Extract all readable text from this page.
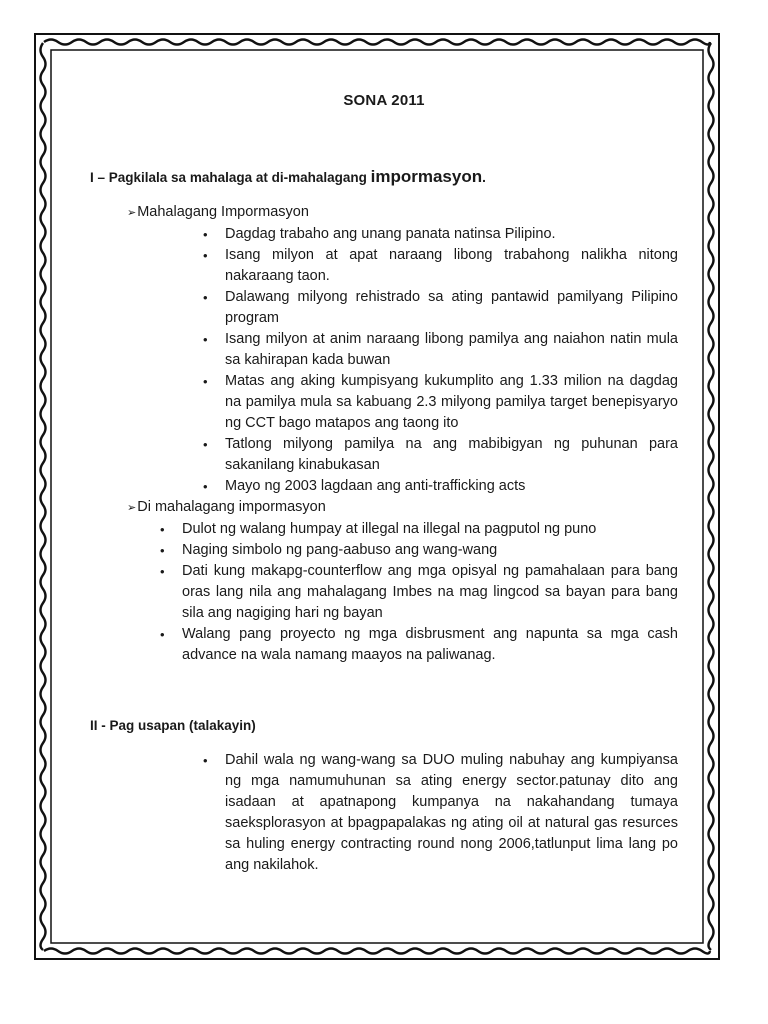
SONA 2011
I – Pagkilala sa mahalaga at di-mahalagang impormasyon.
➢Mahalagang Impormasyon
• Dagdag trabaho ang unang panata natinsa Pilipino.
• Isang milyon at apat naraang libong trabahong nalikha nitong nakaraang taon.
• Dalawang milyong rehistrado sa ating pantawid pamilyang Pilipino program
• Isang milyon at anim naraang libong pamilya ang naiahon natin mula sa kahirapan kada buwan
• Matas ang aking kumpisyang kukumplito ang 1.33 milion na dagdag na pamilya mula sa kabuang 2.3 milyong pamilya target benepisyaryo ng CCT bago matapos ang taong ito
• Tatlong milyong pamilya na ang mabibigyan ng puhunan para sakanilang kinabukasan
• Mayo ng 2003 lagdaan ang anti-trafficking acts
➢Di mahalagang impormasyon
• Dulot ng walang humpay at illegal na illegal na pagputol ng puno
• Naging simbolo ng pang-aabuso ang wang-wang
• Dati kung makapg-counterflow ang mga opisyal ng pamahalaan para bang oras lang nila ang mahalagang Imbes na mag lingcod sa bayan para bang sila ang nagiging hari ng bayan
• Walang pang proyecto ng mga disbrusment ang napunta sa mga cash advance na wala namang maayos na paliwanag.
II - Pag usapan (talakayin)
• Dahil wala ng wang-wang sa DUO muling nabuhay ang kumpiyansa ng mga namumuhunan sa ating energy sector.patunay dito ang isadaan at apatnapong kumpanya na nakahandang tumaya saeksplorasyon at bpagpapalakas ng ating oil at natural gas resurces sa huling energy contracting round nong 2006,tatlunput lima lang po ang nakilahok.
